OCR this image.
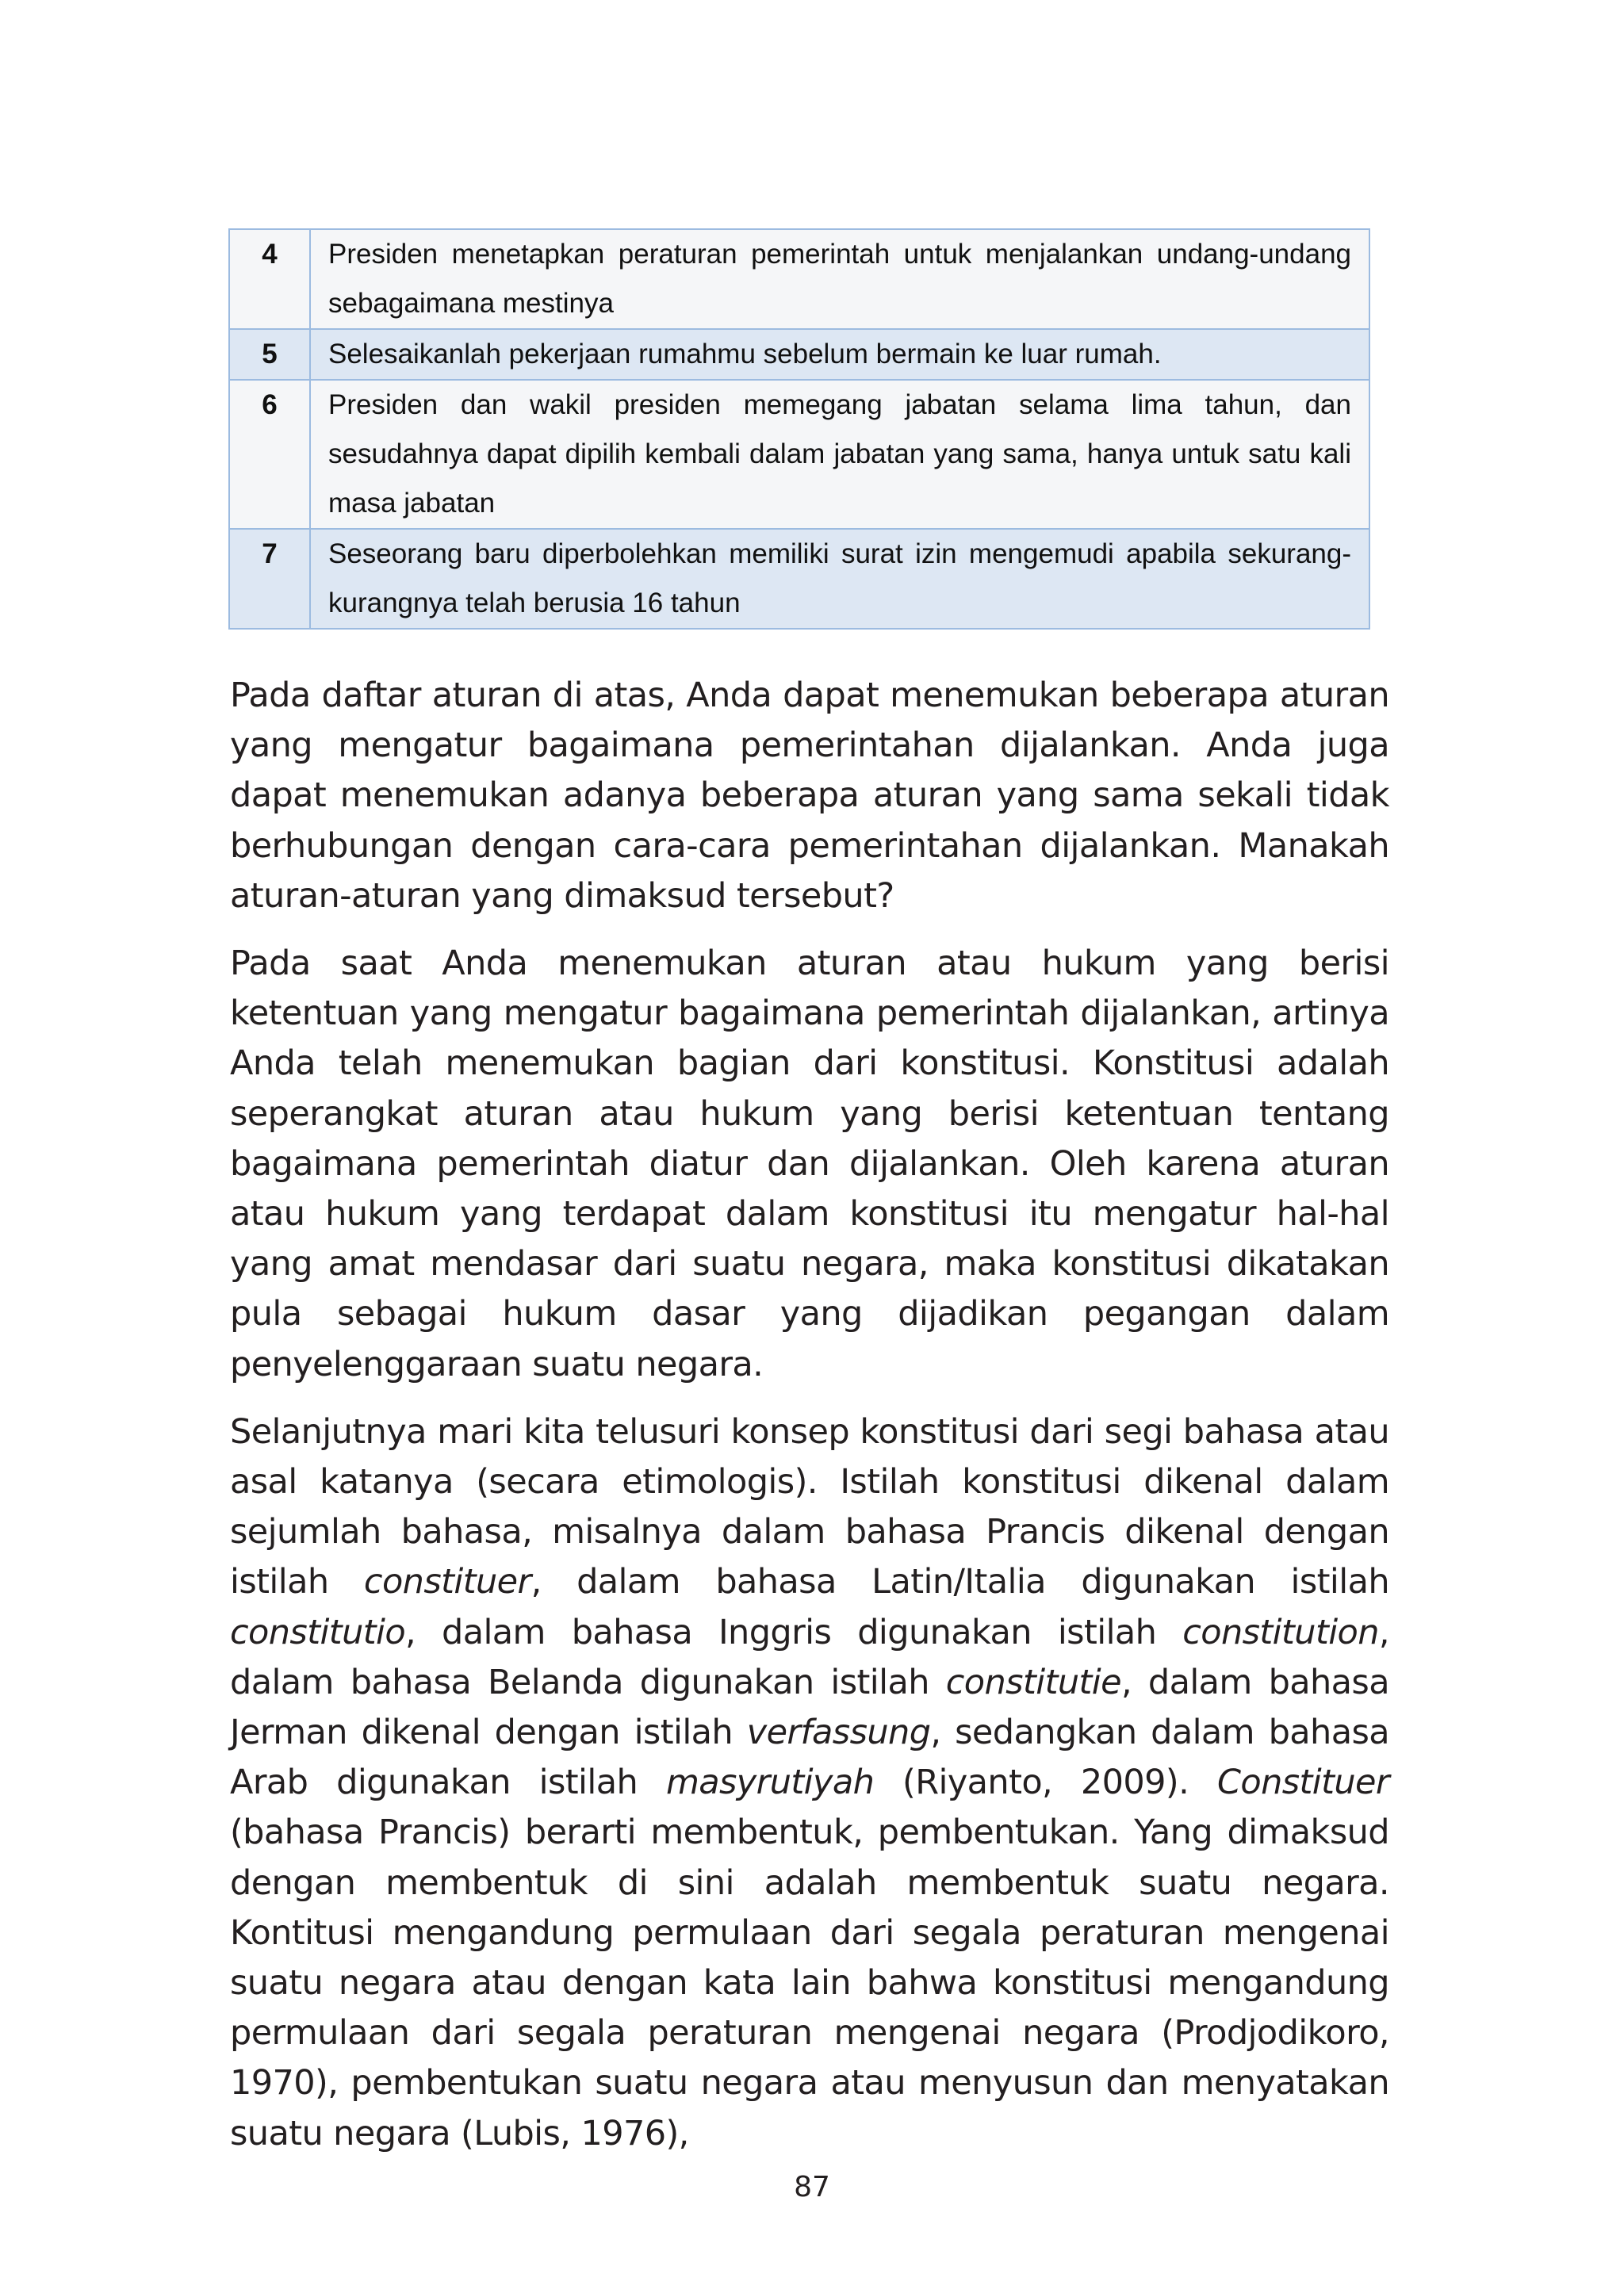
4	Presiden menetapkan peraturan pemerintah untuk menjalankan undang-undang sebagaimana mestinya
5	Selesaikanlah pekerjaan rumahmu sebelum bermain ke luar rumah.
6	Presiden dan wakil presiden memegang jabatan selama lima tahun, dan sesudahnya dapat dipilih kembali dalam jabatan yang sama, hanya untuk satu kali masa jabatan
7	Seseorang baru diperbolehkan memiliki surat izin mengemudi apabila sekurang-kurangnya telah berusia 16 tahun

Pada daftar aturan di atas, Anda dapat menemukan beberapa aturan yang mengatur bagaimana pemerintahan dijalankan. Anda juga dapat menemukan adanya beberapa aturan yang sama sekali tidak berhubungan dengan cara-cara pemerintahan dijalankan. Manakah aturan-aturan yang dimaksud tersebut?

Pada saat Anda menemukan aturan atau hukum yang berisi ketentuan yang mengatur bagaimana pemerintah dijalankan, artinya Anda telah menemukan bagian dari konstitusi. Konstitusi adalah seperangkat aturan atau hukum yang berisi ketentuan tentang bagaimana pemerintah diatur dan dijalankan. Oleh karena aturan atau hukum yang terdapat dalam konstitusi itu mengatur hal-hal yang amat mendasar dari suatu negara, maka konstitusi dikatakan pula sebagai hukum dasar yang dijadikan pegangan dalam penyelenggaraan suatu negara.

Selanjutnya mari kita telusuri konsep konstitusi dari segi bahasa atau asal katanya (secara etimologis). Istilah konstitusi dikenal dalam sejumlah bahasa, misalnya dalam bahasa Prancis dikenal dengan istilah constituer, dalam bahasa Latin/Italia digunakan istilah constitutio, dalam bahasa Inggris digunakan istilah constitution, dalam bahasa Belanda digunakan istilah constitutie, dalam bahasa Jerman dikenal dengan istilah verfassung, sedangkan dalam bahasa Arab digunakan istilah masyrutiyah (Riyanto, 2009). Constituer (bahasa Prancis) berarti membentuk, pembentukan. Yang dimaksud dengan membentuk di sini adalah membentuk suatu negara. Kontitusi mengandung permulaan dari segala peraturan mengenai suatu negara atau dengan kata lain bahwa konstitusi mengandung permulaan dari segala peraturan mengenai negara (Prodjodikoro, 1970), pembentukan suatu negara atau menyusun dan menyatakan suatu negara (Lubis, 1976),

87
